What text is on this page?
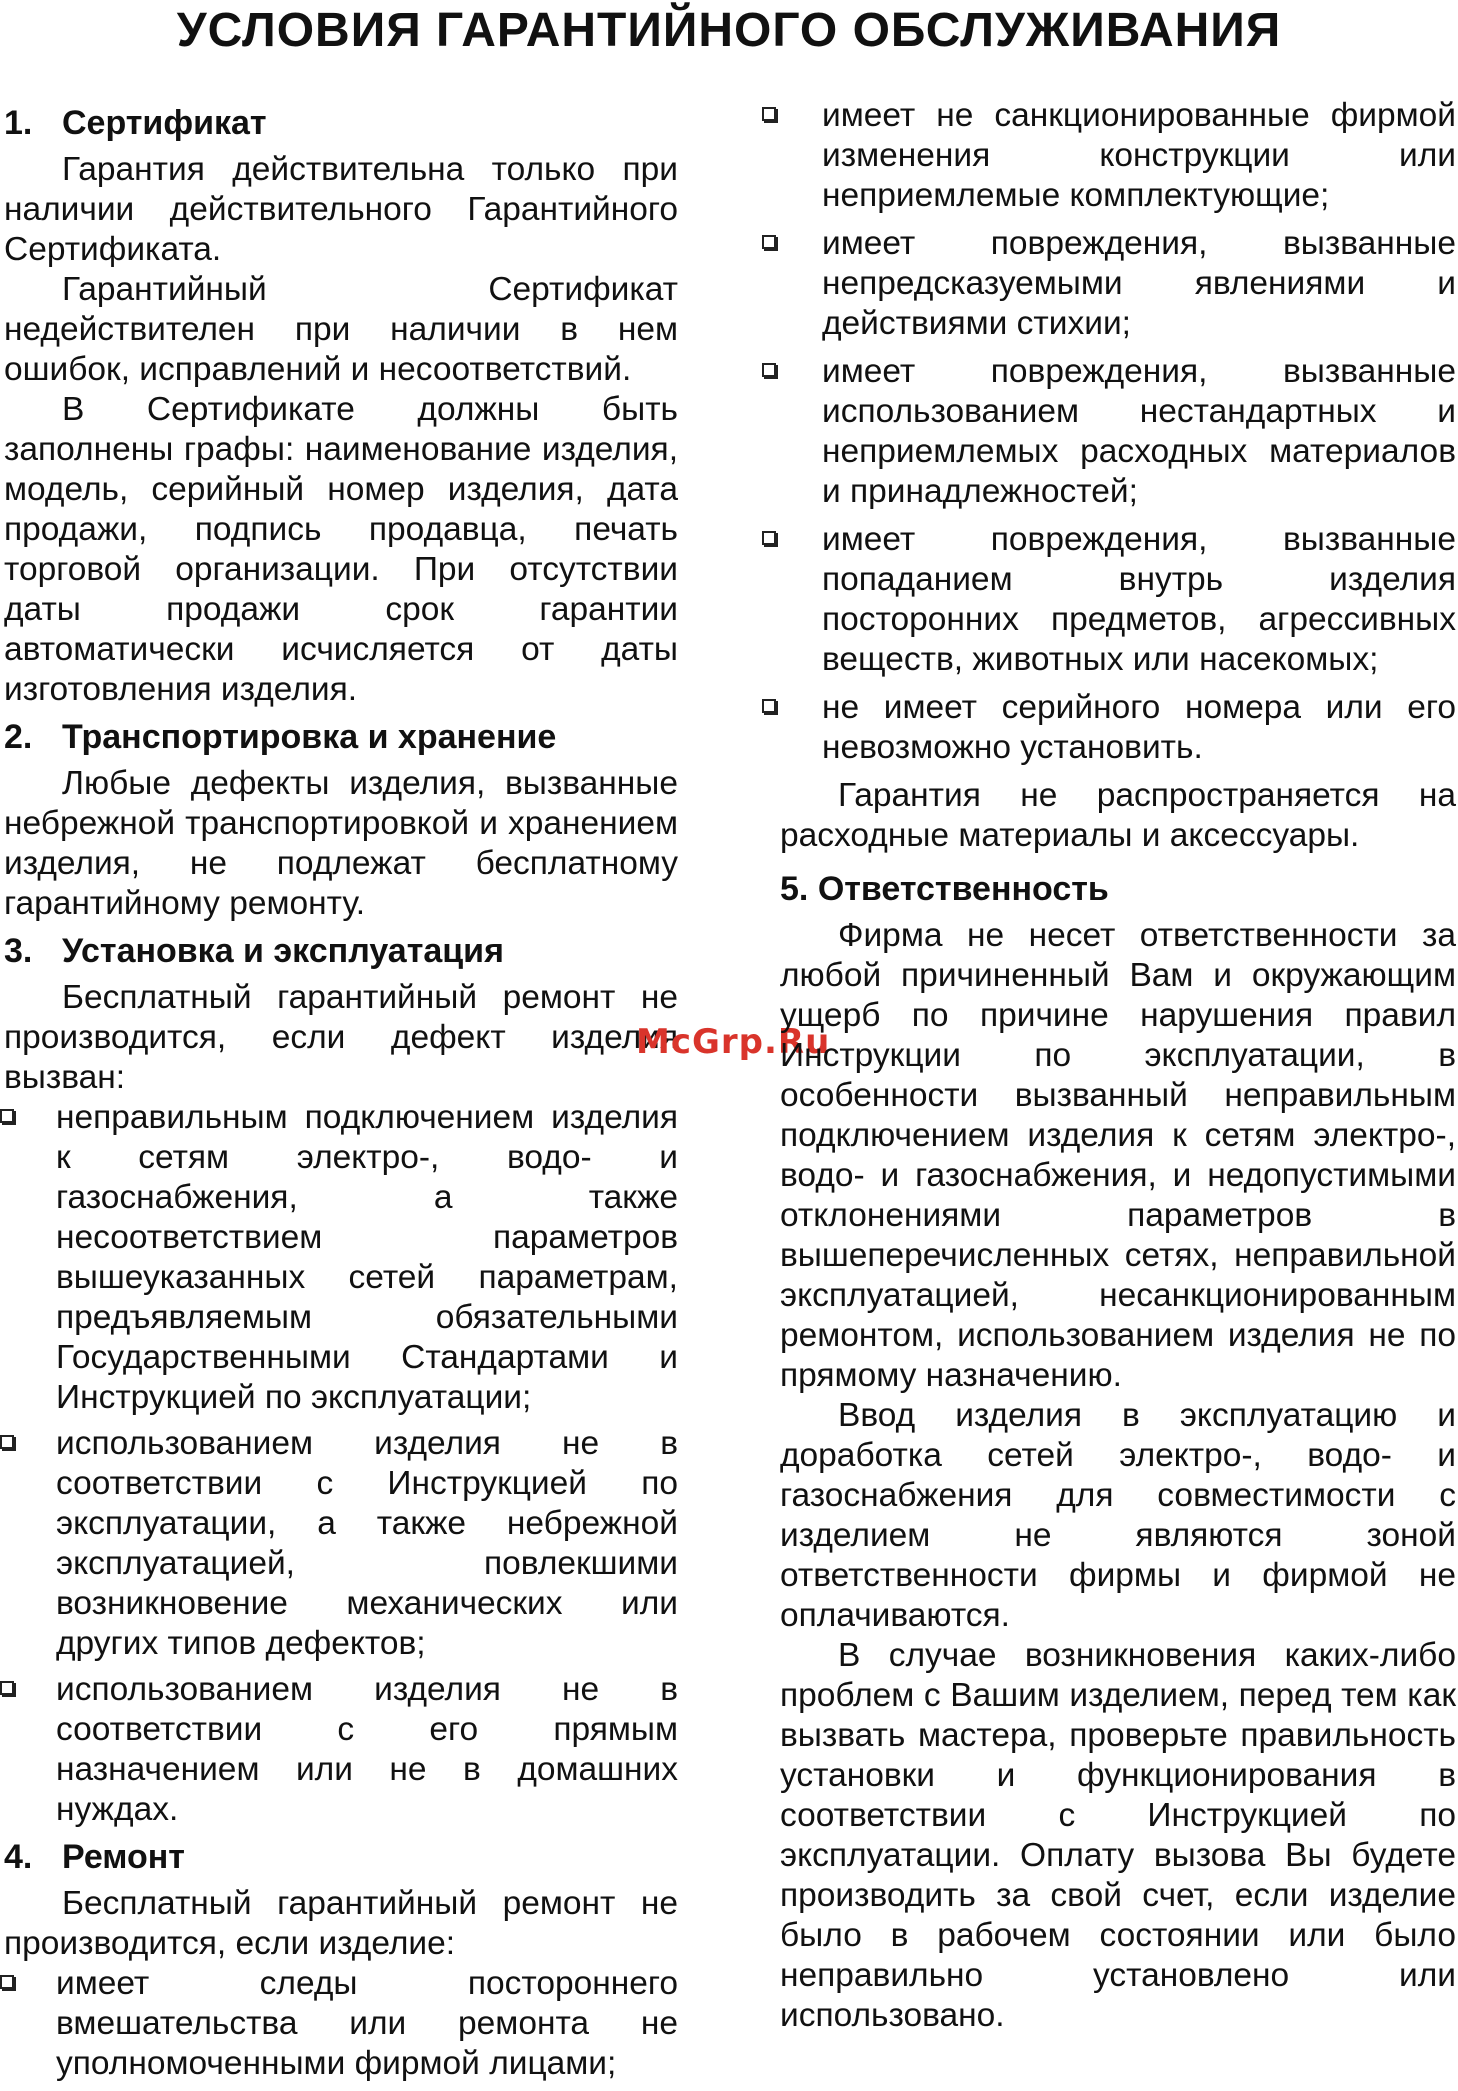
УСЛОВИЯ ГАРАНТИЙНОГО ОБСЛУЖИВАНИЯ
1. Сертификат

Гарантия действительна только при наличии действительного Гарантийного Сертификата.

Гарантийный Сертификат недействителен при наличии в нем ошибок, исправлений и несоответствий.

В Сертификате должны быть заполнены графы: наименование изделия, модель, серийный номер изделия, дата продажи, подпись продавца, печать торговой организации. При отсутствии даты продажи срок гарантии автоматически исчисляется от даты изготовления изделия.

2. Транспортировка и хранение

Любые дефекты изделия, вызванные небрежной транспортировкой и хранением изделия, не подлежат бесплатному гарантийному ремонту.

3. Установка и эксплуатация

Бесплатный гарантийный ремонт не производится, если дефект изделия вызван:

неправильным подключением изделия к сетям электро-, водо- и газоснабжения, а также несоответствием параметров вышеуказанных сетей параметрам, предъявляемым обязательными Государственными Стандартами и Инструкцией по эксплуатации;
использованием изделия не в соответствии с Инструкцией по эксплуатации, а также небрежной эксплуатацией, повлекшими возникновение механических или других типов дефектов;
использованием изделия не в соответствии с его прямым назначением или не в домашних нуждах.
4. Ремонт

Бесплатный гарантийный ремонт не производится, если изделие:

имеет следы постороннего вмешательства или ремонта не уполномоченными фирмой лицами;
McGrp.Ru
имеет не санкционированные фирмой изменения конструкции или неприемлемые комплектующие;
имеет повреждения, вызванные непредсказуемыми явлениями и действиями стихии;
имеет повреждения, вызванные использованием нестандартных и неприемлемых расходных материалов и принадлежностей;
имеет повреждения, вызванные попаданием внутрь изделия посторонних предметов, агрессивных веществ, животных или насекомых;
не имеет серийного номера или его невозможно установить.

Гарантия не распространяется на расходные материалы и аксессуары.

5. Ответственность

Фирма не несет ответственности за любой причиненный Вам и окружающим ущерб по причине нарушения правил Инструкции по эксплуатации, в особенности вызванный неправильным подключением изделия к сетям электро-, водо- и газоснабжения, и недопустимыми отклонениями параметров в вышеперечисленных сетях, неправильной эксплуатацией, несанкционированным ремонтом, использованием изделия не по прямому назначению.

Ввод изделия в эксплуатацию и доработка сетей электро-, водо- и газоснабжения для совместимости с изделием не являются зоной ответственности фирмы и фирмой не оплачиваются.

В случае возникновения каких-либо проблем с Вашим изделием, перед тем как вызвать мастера, проверьте правильность установки и функционирования в соответствии с Инструкцией по эксплуатации. Оплату вызова Вы будете производить за свой счет, если изделие было в рабочем состоянии или было неправильно установлено или использовано.
